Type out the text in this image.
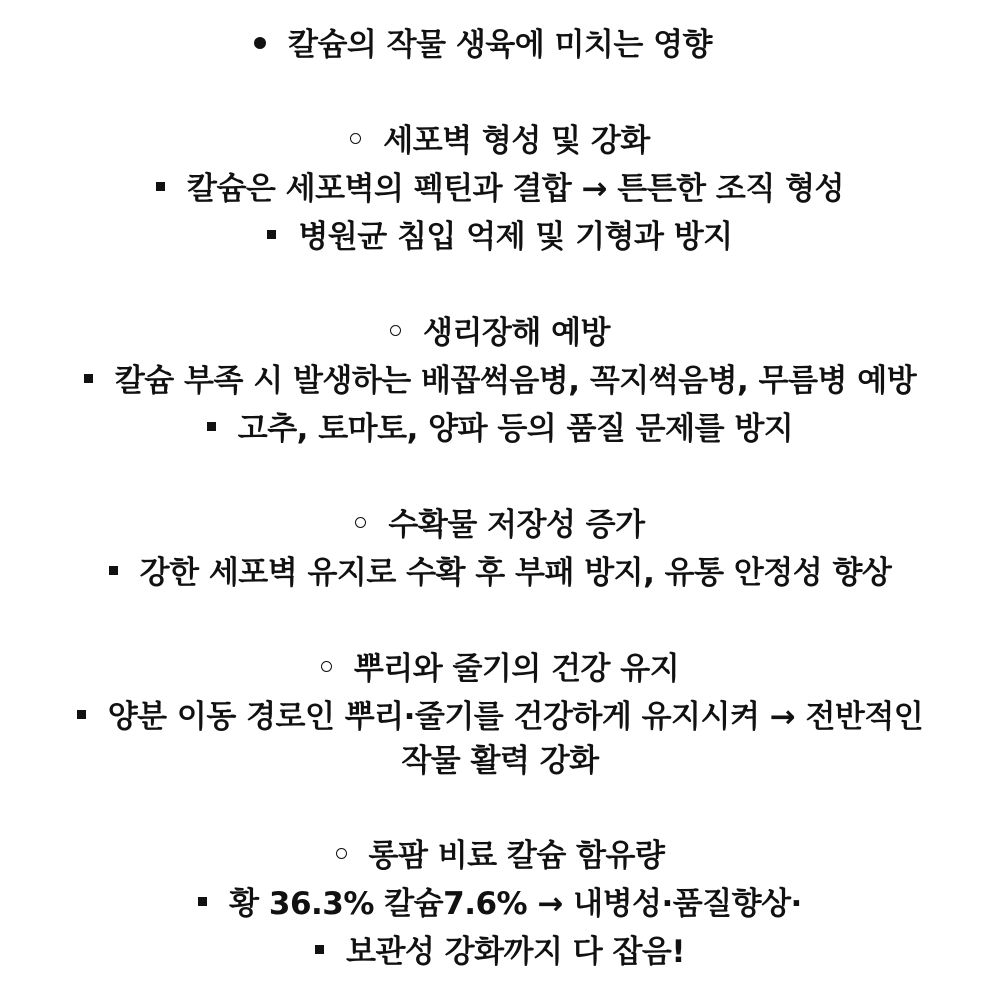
칼슘의 작물 생육에 미치는 영향
세포벽 형성 및 강화
칼슘은 세포벽의 펙틴과 결합 → 튼튼한 조직 형성
병원균 침입 억제 및 기형과 방지
생리장해 예방
칼슘 부족 시 발생하는 배꼽썩음병, 꼭지썩음병, 무름병 예방
고추, 토마토, 양파 등의 품질 문제를 방지
수확물 저장성 증가
강한 세포벽 유지로 수확 후 부패 방지, 유통 안정성 향상
뿌리와 줄기의 건강 유지
양분 이동 경로인 뿌리·줄기를 건강하게 유지시켜 → 전반적인
작물 활력 강화
롱팜 비료 칼슘 함유량
황 36.3% 칼슘7.6% → 내병성·품질향상·
보관성 강화까지 다 잡음!
